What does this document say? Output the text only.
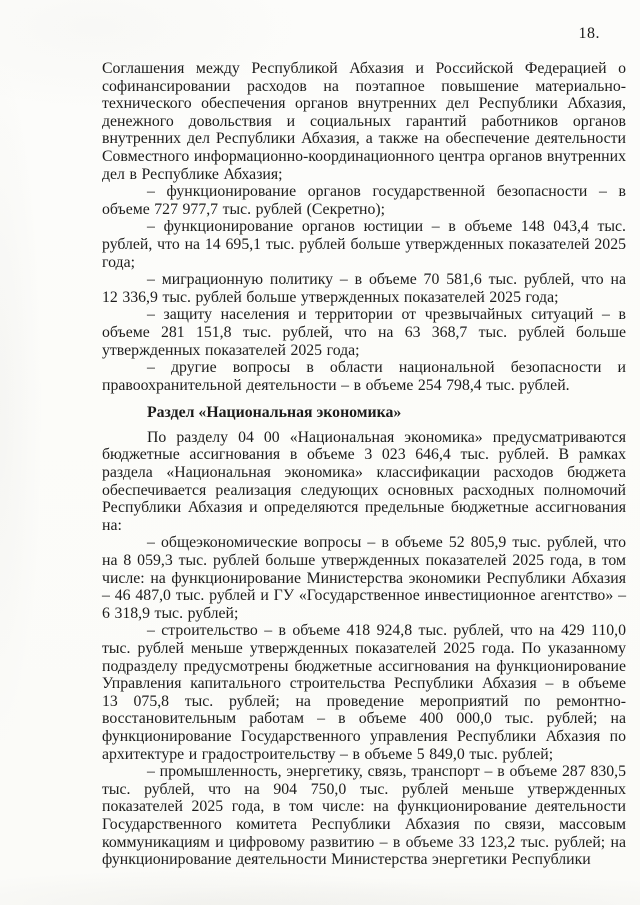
18.

Соглашения между Республикой Абхазия и Российской Федерацией о софинансировании расходов на поэтапное повышение материально-технического обеспечения органов внутренних дел Республики Абхазия, денежного довольствия и социальных гарантий работников органов внутренних дел Республики Абхазия, а также на обеспечение деятельности Совместного информационно-координационного центра органов внутренних дел в Республике Абхазия;

– функционирование органов государственной безопасности – в объеме 727 977,7 тыс. рублей (Секретно);

– функционирование органов юстиции – в объеме 148 043,4 тыс. рублей, что на 14 695,1 тыс. рублей больше утвержденных показателей 2025 года;

– миграционную политику – в объеме 70 581,6 тыс. рублей, что на 12 336,9 тыс. рублей больше утвержденных показателей 2025 года;

– защиту населения и территории от чрезвычайных ситуаций – в объеме 281 151,8 тыс. рублей, что на 63 368,7 тыс. рублей больше утвержденных показателей 2025 года;

– другие вопросы в области национальной безопасности и правоохранительной деятельности – в объеме 254 798,4 тыс. рублей.

Раздел «Национальная экономика»

По разделу 04 00 «Национальная экономика» предусматриваются бюджетные ассигнования в объеме 3 023 646,4 тыс. рублей. В рамках раздела «Национальная экономика» классификации расходов бюджета обеспечивается реализация следующих основных расходных полномочий Республики Абхазия и определяются предельные бюджетные ассигнования на:

– общеэкономические вопросы – в объеме 52 805,9 тыс. рублей, что на 8 059,3 тыс. рублей больше утвержденных показателей 2025 года, в том числе: на функционирование Министерства экономики Республики Абхазия – 46 487,0 тыс. рублей и ГУ «Государственное инвестиционное агентство» – 6 318,9 тыс. рублей;

– строительство – в объеме 418 924,8 тыс. рублей, что на 429 110,0 тыс. рублей меньше утвержденных показателей 2025 года. По указанному подразделу предусмотрены бюджетные ассигнования на функционирование Управления капитального строительства Республики Абхазия – в объеме 13 075,8 тыс. рублей; на проведение мероприятий по ремонтно-восстановительным работам – в объеме 400 000,0 тыс. рублей; на функционирование Государственного управления Республики Абхазия по архитектуре и градостроительству – в объеме 5 849,0 тыс. рублей;

– промышленность, энергетику, связь, транспорт – в объеме 287 830,5 тыс. рублей, что на 904 750,0 тыс. рублей меньше утвержденных показателей 2025 года, в том числе: на функционирование деятельности Государственного комитета Республики Абхазия по связи, массовым коммуникациям и цифровому развитию – в объеме 33 123,2 тыс. рублей; на функционирование деятельности Министерства энергетики Республики
